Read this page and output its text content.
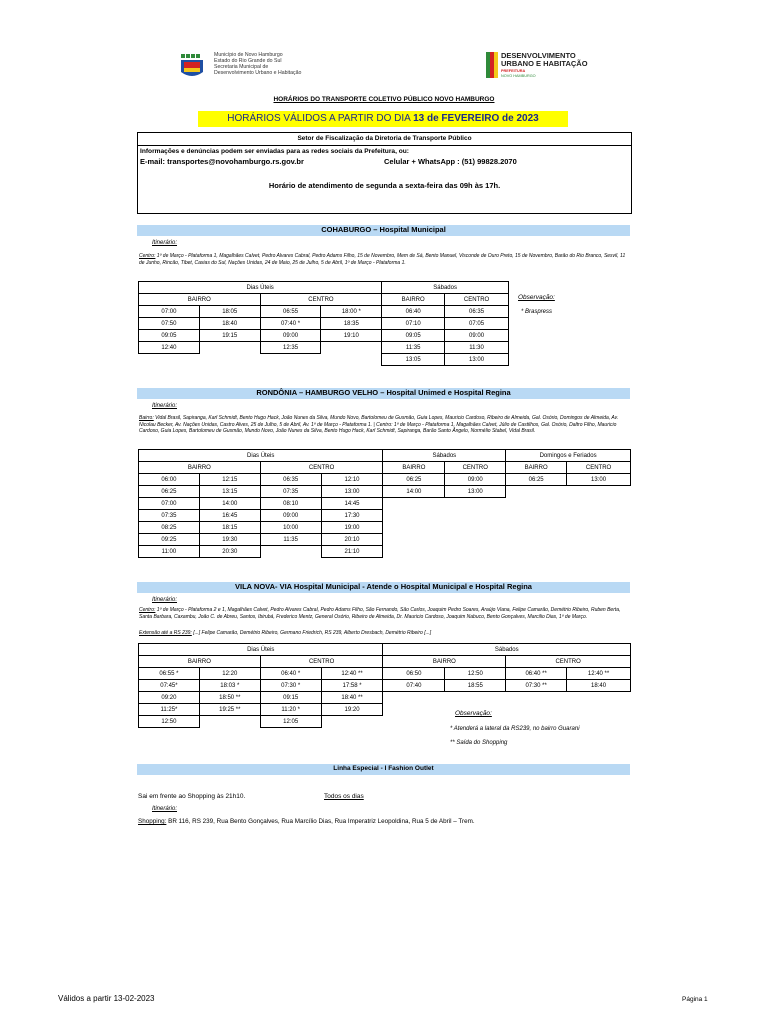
Município de Novo Hamburgo
Estado do Rio Grande do Sul
Secretaria Municipal de
Desenvolvimento Urbano e Habitação
DESENVOLVIMENTO
URBANO E HABITAÇÃO
PREFEITURA
NOVO HAMBURGO
HORÁRIOS DO TRANSPORTE COLETIVO PÚBLICO NOVO HAMBURGO
HORÁRIOS VÁLIDOS A PARTIR DO DIA 13 de FEVEREIRO de 2023
Setor de Fiscalização da Diretoria de Transporte Público
Informações e denúncias podem ser enviadas para as redes sociais da Prefeitura, ou:
E-mail: transportes@novohamburgo.rs.gov.br	Celular + WhatsApp : (51) 99828.2070
Horário de atendimento de segunda a sexta-feira das 09h às 17h.
COHABURGO – Hospital Municipal
Itinerário:
Centro: 1º de Março - Plataforma 1, Magalhães Calvet, Pedro Alvares Cabral, Pedro Adams Filho, 15 de Novembro, Mem de Sá, Bento Manuel, Visconde de Ouro Preto, 15 de Novembro, Barão do Rio Branco, Sesvil, 11 de Junho, Rincão, Tibet, Caxias do Sul, Nações Unidas, 24 de Maio, 25 de Julho, 5 de Abril, 1º de Março - Plataforma 1.
Dias Úteis				Sábados	
BAIRRO		CENTRO		BAIRRO	CENTRO
07:00	18:05	06:55	18:00 *	06:40	06:35
07:50	18:40	07:40 *	18:35	07:10	07:05
09:05	19:15	09:00	19:10	09:05	09:00
12:40		12:35		11:35	11:30
				13:05	13:00
Observação:
* Braspress
RONDÔNIA – HAMBURGO VELHO – Hospital Unimed e Hospital Regina
Itinerário:
Bairro: Vidal Brasil, Sapiranga, Karl Schmidt, Bento Hugo Hack, João Nunes da Silva, Mundo Novo, Bartolomeu de Gusmão, Guia Lopes, Mauricio Cardoso, Ribeiro de Almeida, Gal. Osório, Domingos de Almeida, Av. Nicolau Becker, Av. Nações Unidas, Castro Alves, 25 de Julho, 5 de Abril, Av. 1º de Março - Plataforma 1. | Centro: 1º de Março - Plataforma 1, Magalhães Calvet, Júlio de Castilhos, Gal. Osório, Daltro Filho, Mauricio Cardoso, Guia Lopes, Bartolomeu de Gusmão, Mundo Novo, João Nunes da Silva, Bento Hugo Hack, Karl Schmidt, Sapiranga, Barão Santo Ângelo, Normélio Stabel, Vidal Brasil.
Dias Úteis				Sábados		Domingos e Feriados	
BAIRRO		CENTRO		BAIRRO	CENTRO	BAIRRO	CENTRO
06:00	12:15	06:35	12:10	06:25	09:00	06:25	13:00
06:25	13:15	07:35	13:00	14:00	13:00		
07:00	14:00	08:10	14:45				
07:35	16:45	09:00	17:30				
08:25	18:15	10:00	19:00				
09:25	19:30	11:35	20:10				
11:00	20:30		21:10				
VILA NOVA- VIA Hospital Municipal - Atende o Hospital Municipal e Hospital Regina
Itinerário:
Centro: 1º de Março - Plataforma 2 e 1, Magalhães Calvet, Pedro Alvares Cabral, Pedro Adams Filho, São Fernando, São Carlos, Joaquim Pedro Soares, Araújo Viana, Felipe Camarão, Demétrio Ribeiro, Ruben Berta, Santa Barbara, Caxambu, João C. de Abreu, Santos, Ibirubá, Frederico Mentz, General Osório, Ribeiro de Almeida, Dr. Mauricio Cardoso, Joaquim Nabuco, Bento Gonçalves, Marcilio Dias, 1º de Março.
Extensão até a RS 239: [...] Felipe Camarão, Demétrio Ribeiro, Germano Friedrich, RS 239, Alberto Dresbach, Demétrio Ribeiro [...]
Dias Úteis				Sábados			
BAIRRO		CENTRO		BAIRRO		CENTRO	
06:55 *	12:20	06:40 *	12:40 **	06:50	12:50	06:40 **	12:40 **
07:45*	18:03 *	07:30 *	17:58 *	07:40	18:55	07:30 **	18:40
09:20	18:50 **	09:15	18:40 **				
11:25*	19:25 **	11:20 *	19:20				
12:50		12:05					
Observação:
* Atenderá a lateral da RS239, no bairro Guarani
** Saída do Shopping
Linha Especial - I Fashion Outlet
Sai em frente ao Shopping às 21h10.	Todos os dias
Itinerário:
Shopping: BR 116, RS 239, Rua Bento Gonçalves, Rua Marcílio Dias, Rua Imperatriz Leopoldina, Rua 5 de Abril – Trem.
Válidos a partir 13-02-2023	Página 1
